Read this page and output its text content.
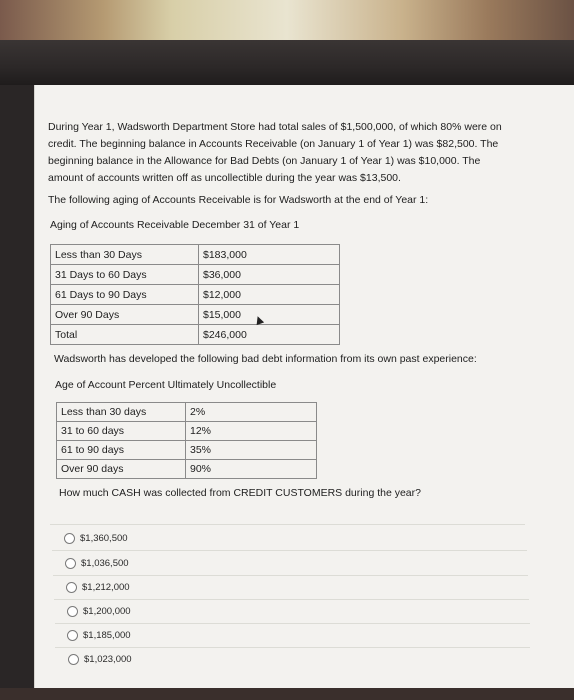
During Year 1, Wadsworth Department Store had total sales of $1,500,000, of which 80% were on credit. The beginning balance in Accounts Receivable (on January 1 of Year 1) was $82,500. The beginning balance in the Allowance for Bad Debts (on January 1 of Year 1) was $10,000. The amount of accounts written off as uncollectible during the year was $13,500.
The following aging of Accounts Receivable is for Wadsworth at the end of Year 1:
Aging of Accounts Receivable December 31 of Year 1
Less than 30 Days	$183,000
31 Days to 60 Days	$36,000
61 Days to 90 Days	$12,000
Over 90 Days	$15,000
Total	$246,000
Wadsworth has developed the following bad debt information from its own past experience:
Age of Account Percent Ultimately Uncollectible
Less than 30 days	2%
31 to 60 days	12%
61 to 90 days	35%
Over 90 days	90%
How much CASH was collected from CREDIT CUSTOMERS during the year?
$1,360,500
$1,036,500
$1,212,000
$1,200,000
$1,185,000
$1,023,000
